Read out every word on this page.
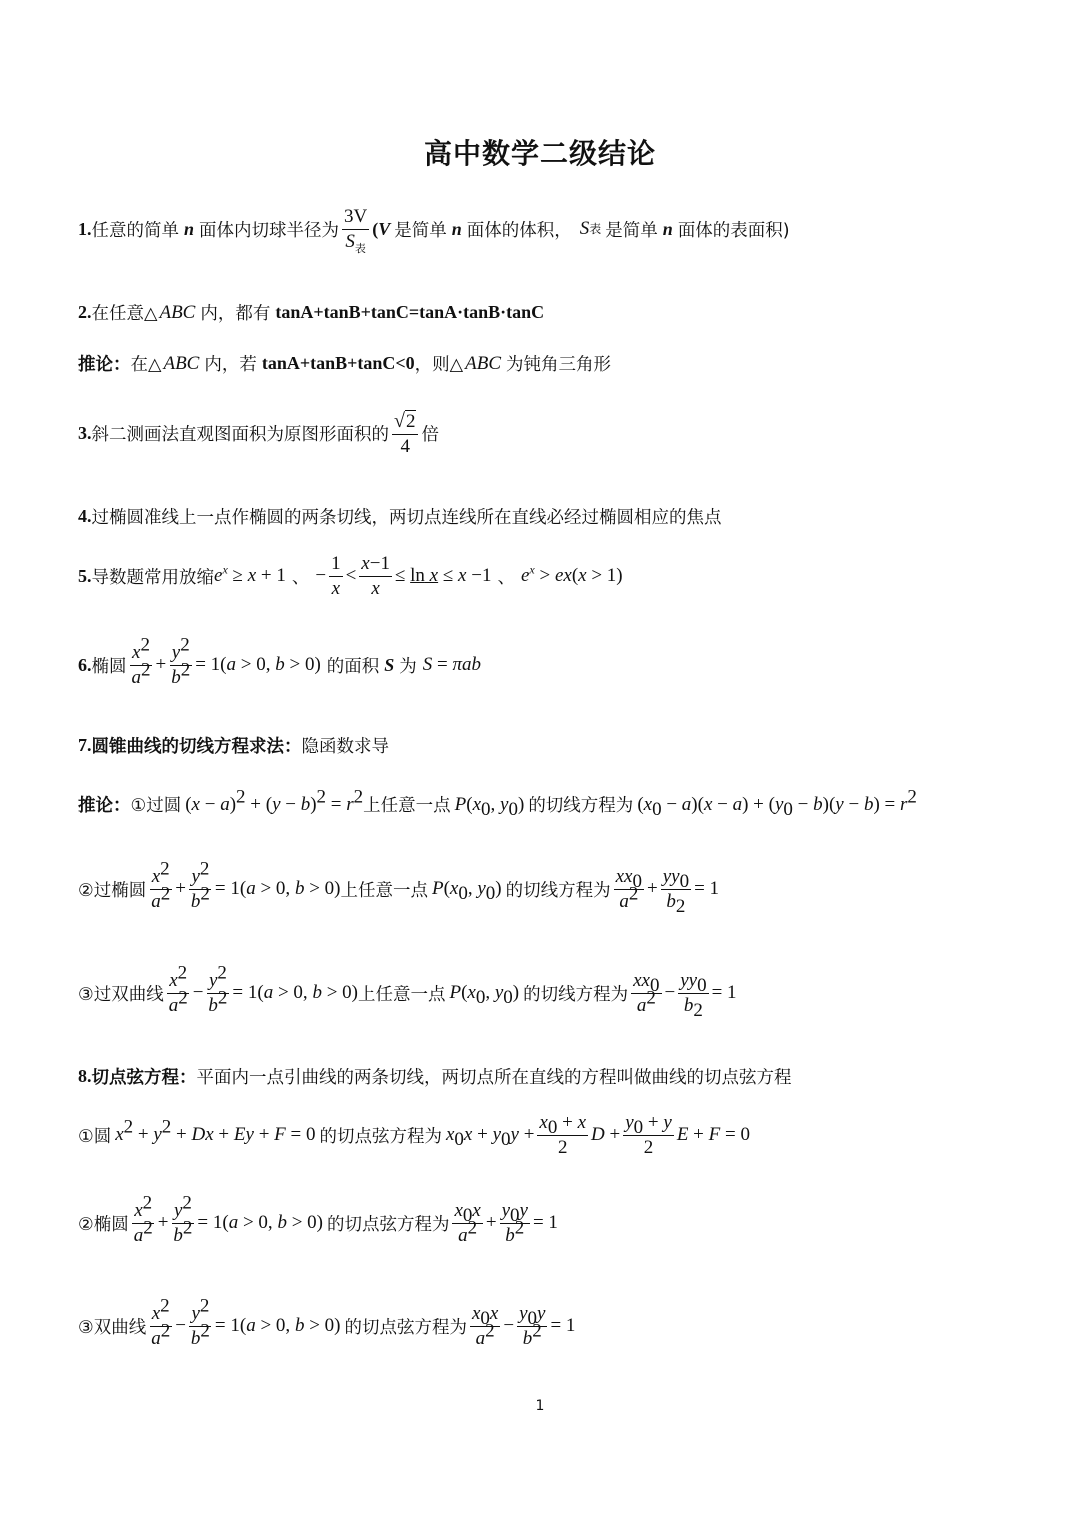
高中数学二级结论
1. 任意的简单 n 面体内切球半径为 $\frac{3V}{S_表}$ ( V 是简单 n 面体的体积， S 表 是简单 n 面体的表面积)
2. 在任意△ ABC 内，都有 tanA+tanB+tanC=tanA·tanB·tanC
推论： 在△ ABC 内，若 tanA+tanB+tanC<0 ，则△ ABC 为钝角三角形
3. 斜二测画法直观图面积为原图形面积的 $\frac{√ 2}{4}$ 倍
4. 过椭圆准线上一点作椭圆的两条切线，两切点连线所在直线必经过椭圆相应的焦点
5. 导数题常用放缩 $e^x \ge x + 1$ 、 − $\frac{1}{x} < \frac{x-1}{x} \le \ln x \le x -1$ 、 $e^x > ex(x > 1)$
6. 椭圆 $\frac{x^2}{a^2} + \frac{y^2}{b^2} = 1(a > 0$, b > 0) 的面积 S 为 S = πab
7. 圆锥曲线的切线方程求法： 隐函数求导
推论： ①过圆 $(x - a)^2 + (y - b)^2 = r^2$ 上任意一点 $P(x_0$, $y_0$) 的切线方程为 $(x_0 - a)(x - a) + (y_0 - b)(y - b) = r^2$
②过椭圆 $\frac{x^2}{a^2} + \frac{y^2}{b^2} = 1(a > 0$, b > 0) 上任意一点 $P(x_0$, $y_0$) 的切线方程为 $\frac{xx_0}{a^2} + \frac{yy_0}{b_2} = 1$
③过双曲线 $\frac{x^2}{a^2} - \frac{y^2}{b^2} = 1(a > 0$, b > 0) 上任意一点 $P(x_0$, $y_0$) 的切线方程为 $\frac{xx_0}{a^2} - \frac{yy_0}{b_2} = 1$
8. 切点弦方程： 平面内一点引曲线的两条切线，两切点所在直线的方程叫做曲线的切点弦方程
①圆 $x^2 + y^2 + Dx + Ey + F = 0$ 的切点弦方程为 $x_0x + y_0y + \frac{x_0 + x}{2}$ $D + \frac{y_0 + y}{2}$ E + F = 0
②椭圆 $\frac{x^2}{a^2} + \frac{y^2}{b^2} = 1(a > 0$, b > 0) 的切点弦方程为 $\frac{x_0x}{a^2} + \frac{y_0y}{b^2} = 1$
③双曲线 $\frac{x^2}{a^2} - \frac{y^2}{b^2} = 1(a > 0$, b > 0) 的切点弦方程为 $\frac{x_0x}{a^2} - \frac{y_0y}{b^2} = 1$
1
